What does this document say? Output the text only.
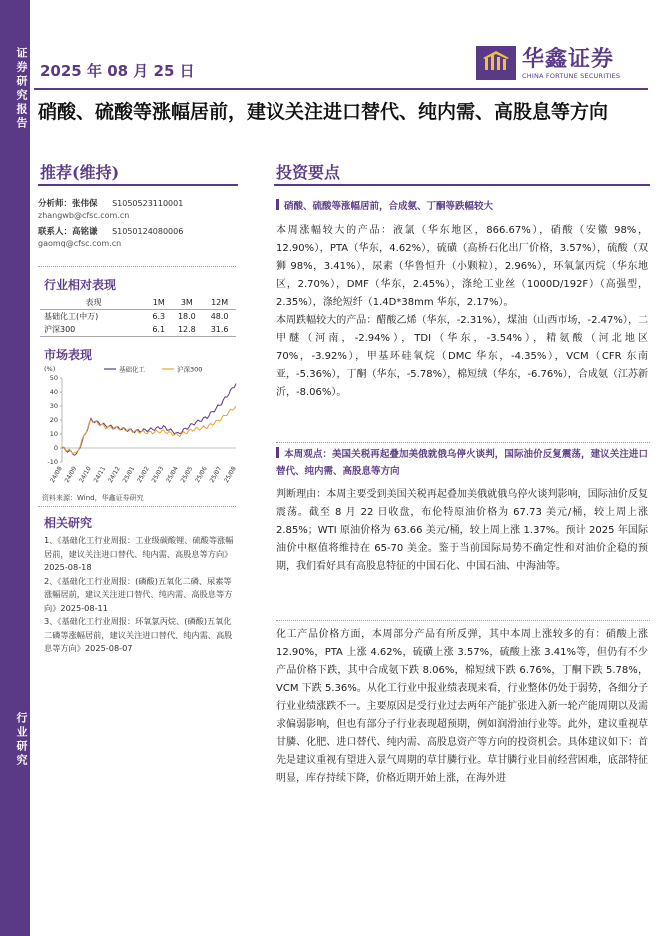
证券研究报告
行业研究
2025 年 08 月 25 日	华鑫证券
CHINA FORTUNE SECURITIES
硝酸、硫酸等涨幅居前，建议关注进口替代、纯内需、高股息等方向
推荐(维持)
分析师：张伟保 S1050523110001
zhangwb@cfsc.com.cn
联系人：高铭谦 S1050124080006
gaomq@cfsc.com.cn
行业相对表现
表现	1M	3M	12M
基础化工(中万)	6.3	18.0	48.0
沪深300	6.1	12.8	31.6
市场表现
(%)
-10
0
10
20
30
40
50
24/08 24/09 24/10 24/11 24/12 25/01 25/02 25/03 25/04 25/05 25/06 25/07 25/08
基础化工	沪深300
资料来源：Wind，华鑫证券研究
相关研究

1、《基础化工行业周报：工业级碳酸锂、硫酸等涨幅居前，建议关注进口替代、纯内需、高股息等方向》2025-08-18

2、《基础化工行业周报：(磷酸)五氧化二磷、尿素等涨幅居前，建议关注进口替代、纯内需、高股息等方向》2025-08-11

3、《基础化工行业周报：环氧氯丙烷、(磷酸)五氧化二磷等涨幅居前，建议关注进口替代、纯内需、高股息等方向》2025-08-07

投资要点
硝酸、硫酸等涨幅居前，合成氨、丁酮等跌幅较大

本周涨幅较大的产品：液氯（华东地区，866.67%），硝酸（安徽 98%，12.90%），PTA（华东，4.62%），硫磺（高桥石化出厂价格，3.57%），硫酸（双狮 98%，3.41%），尿素（华鲁恒升（小颗粒），2.96%），环氧氯丙烷（华东地区，2.70%），DMF（华东，2.45%），涤纶工业丝（1000D/192F）（高强型，2.35%），涤纶短纤（1.4D*38mm 华东，2.17%）。

本周跌幅较大的产品：醋酸乙烯（华东，-2.31%），煤油（山西市场，-2.47%），二甲醚（河南，-2.94%），TDI（华东，-3.54%），精氨酸（河北地区 70%，-3.92%），甲基环硅氧烷（DMC 华东，-4.35%），VCM（CFR 东南亚，-5.36%），丁酮（华东，-5.78%），棉短绒（华东，-6.76%），合成氨（江苏新沂，-8.06%）。

本周观点：美国关税再起叠加美俄就俄乌停火谈判，国际油价反复震荡，建议关注进口替代、纯内需、高股息等方向

判断理由：本周主要受到美国关税再起叠加美俄就俄乌停火谈判影响，国际油价反复震荡。截至 8 月 22 日收盘，布伦特原油价格为 67.73 美元/桶，较上周上涨 2.85%；WTI 原油价格为 63.66 美元/桶，较上周上涨 1.37%。预计 2025 年国际油价中枢值将维持在 65-70 美金。鉴于当前国际局势不确定性和对油价企稳的预期，我们看好具有高股息特征的中国石化、中国石油、中海油等。

化工产品价格方面，本周部分产品有所反弹，其中本周上涨较多的有：硝酸上涨 12.90%，PTA 上涨 4.62%，硫磺上涨 3.57%，硫酸上涨 3.41%等，但仍有不少产品价格下跌，其中合成氨下跌 8.06%，棉短绒下跌 6.76%，丁酮下跌 5.78%，VCM 下跌 5.36%。从化工行业中报业绩表现来看，行业整体仍处于弱势，各细分子行业业绩涨跌不一。主要原因是受行业过去两年产能扩张进入新一轮产能周期以及需求偏弱影响，但也有部分子行业表现超预期，例如润滑油行业等。此外，建议重视草甘膦、化肥、进口替代、纯内需、高股息资产等方向的投资机会。具体建议如下：首先是建议重视有望进入景气周期的草甘膦行业。草甘膦行业目前经营困难，底部特征明显，库存持续下降，价格近期开始上涨，在海外进
